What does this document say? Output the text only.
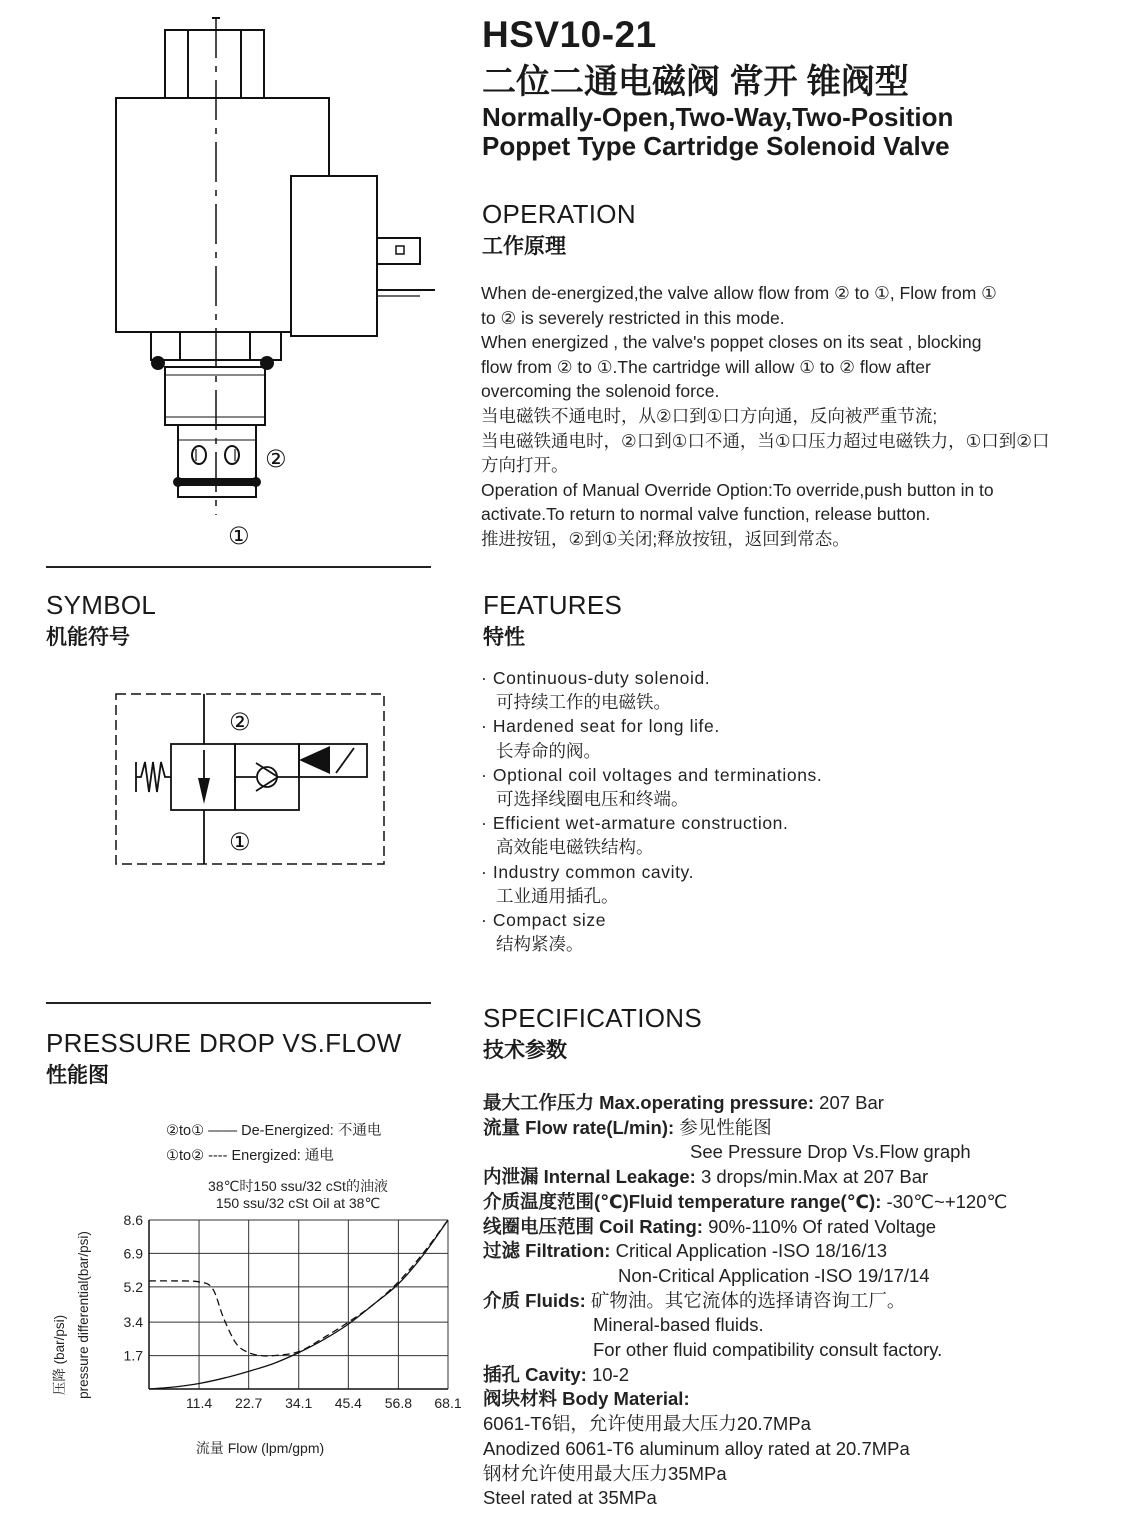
②
①
HSV10-21
二位二通电磁阀 常开 锥阀型
Normally-Open,Two-Way,Two-Position
Poppet Type Cartridge Solenoid Valve
OPERATION
工作原理
When de-energized,the valve allow flow from ② to ①, Flow from ①
to ② is severely restricted in this mode.
When energized , the valve's poppet closes on its seat , blocking
flow from ② to ①.The cartridge will allow ① to ② flow after
overcoming the solenoid force.
当电磁铁不通电时，从②口到①口方向通，反向被严重节流;
当电磁铁通电时，②口到①口不通，当①口压力超过电磁铁力，①口到②口
方向打开。
Operation of Manual Override Option:To override,push button in to
activate.To return to normal valve function, release button.
推进按钮，②到①关闭;释放按钮，返回到常态。
SYMBOL
机能符号
②
①
FEATURES
特性
· Continuous-duty solenoid.
可持续工作的电磁铁。
· Hardened seat for long life.
长寿命的阀。
· Optional coil voltages and terminations.
可选择线圈电压和终端。
· Efficient wet-armature construction.
高效能电磁铁结构。
· Industry common cavity.
工业通用插孔。
· Compact size
结构紧凑。
PRESSURE DROP VS.FLOW
性能图
②to① —— De-Energized: 不通电
①to② ---- Energized: 通电
38℃时150 ssu/32 cSt的油液
150 ssu/32 cSt Oil at 38℃
压降 (bar/psi) pressure differential(bar/psi)
流量 Flow (lpm/gpm)
11.4 22.7 34.1 45.4 56.8 68.1
8.6
6.9
5.2
3.4
1.7
SPECIFICATIONS
技术参数
最大工作压力 Max.operating pressure: 207 Bar
流量 Flow rate(L/min): 参见性能图
See Pressure Drop Vs.Flow graph
内泄漏 Internal Leakage: 3 drops/min.Max at 207 Bar
介质温度范围(℃)Fluid temperature range(℃): -30℃~+120℃
线圈电压范围 Coil Rating: 90%-110% Of rated Voltage
过滤 Filtration: Critical Application -ISO 18/16/13
Non-Critical Application -ISO 19/17/14
介质 Fluids: 矿物油。其它流体的选择请咨询工厂。
Mineral-based fluids.
For other fluid compatibility consult factory.
插孔 Cavity: 10-2
阀块材料 Body Material:
6061-T6铝，允许使用最大压力20.7MPa
Anodized 6061-T6 aluminum alloy rated at 20.7MPa
钢材允许使用最大压力35MPa
Steel rated at 35MPa
